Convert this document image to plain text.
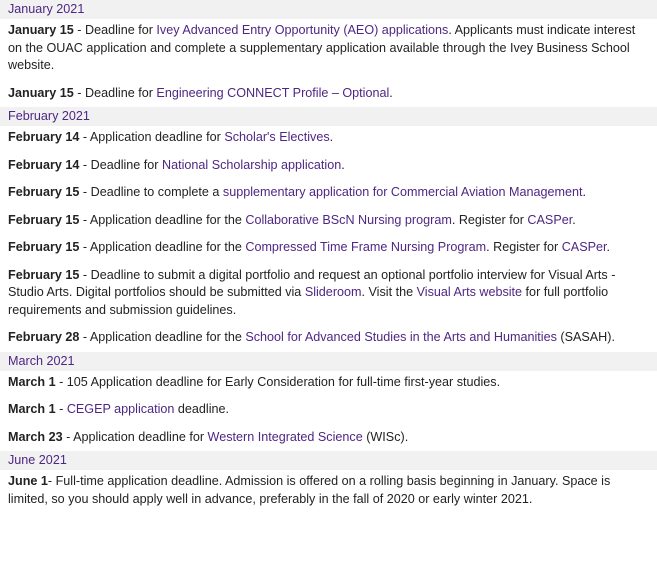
January 2021
January 15 - Deadline for Ivey Advanced Entry Opportunity (AEO) applications. Applicants must indicate interest on the OUAC application and complete a supplementary application available through the Ivey Business School website.
January 15 - Deadline for Engineering CONNECT Profile – Optional.
February 2021
February 14 - Application deadline for Scholar's Electives.
February 14 - Deadline for National Scholarship application.
February 15 - Deadline to complete a supplementary application for Commercial Aviation Management.
February 15 - Application deadline for the Collaborative BScN Nursing program. Register for CASPer.
February 15 - Application deadline for the Compressed Time Frame Nursing Program. Register for CASPer.
February 15 - Deadline to submit a digital portfolio and request an optional portfolio interview for Visual Arts - Studio Arts. Digital portfolios should be submitted via Slideroom. Visit the Visual Arts website for full portfolio requirements and submission guidelines.
February 28 - Application deadline for the School for Advanced Studies in the Arts and Humanities (SASAH).
March 2021
March 1 - 105 Application deadline for Early Consideration for full-time first-year studies.
March 1 - CEGEP application deadline.
March 23 - Application deadline for Western Integrated Science (WISc).
June 2021
June 1- Full-time application deadline. Admission is offered on a rolling basis beginning in January. Space is limited, so you should apply well in advance, preferably in the fall of 2020 or early winter 2021.
